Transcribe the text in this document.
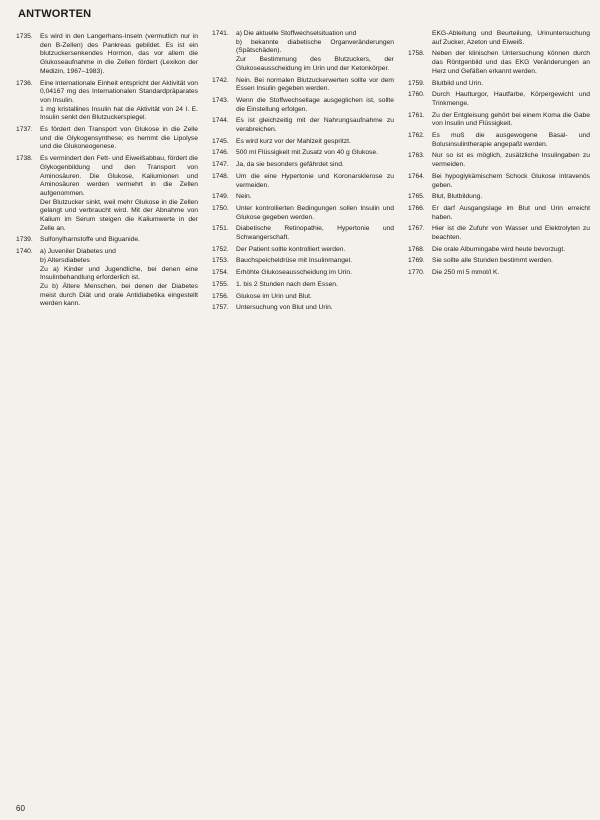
ANTWORTEN
1735.	Es wird in den Langerhans-Inseln (vermutlich nur in den B-Zellen) des Pankreas gebildet. Es ist ein blutzuckersenkendes Hormon, das vor allem die Glukoseaufnahme in die Zellen fördert (Lexikon der Medizin, 1967–1983).
1736.	Eine internationale Einheit entspricht der Aktivität von 0,04167 mg des Internationalen Standardpräparates von Insulin.
1 mg kristallines Insulin hat die Aktivität von 24 I. E. Insulin senkt den Blutzuckerspiegel.
1737.	Es fördert den Transport von Glukose in die Zelle und die Glykogensynthese; es hemmt die Lipolyse und die Glukoneogenese.
1738.	Es vermindert den Fett- und Eiweißabbau, fördert die Glykogenbildung und den Transport von Aminosäuren. Die Glukose, Kaliumionen und Aminosäuren werden vermehrt in die Zellen aufgenommen.
Der Blutzucker sinkt, weil mehr Glukose in die Zellen gelangt und verbraucht wird. Mit der Abnahme von Kalium im Serum steigen die Kaliumwerte in der Zelle an.
1739.	Sulfonylharnstoffe und Biguanide.
1740.	a) Juveniler Diabetes und
b) Altersdiabetes
Zu a) Kinder und Jugendliche, bei denen eine Insulinbehandlung erforderlich ist.
Zu b) Ältere Menschen, bei denen der Diabetes meist durch Diät und orale Antidiabetika eingestellt werden kann.
1741.	a) Die aktuelle Stoffwechselsituation und
b) bekannte diabetische Organveränderungen (Spätschäden).
Zur Bestimmung des Blutzuckers, der Glukoseausscheidung im Urin und der Ketonkörper.
1742.	Nein. Bei normalen Blutzuckerwerten sollte vor dem Essen Insulin gegeben werden.
1743.	Wenn die Stoffwechsellage ausgeglichen ist, sollte die Einstellung erfolgen.
1744.	Es ist gleichzeitig mit der Nahrungsaufnahme zu verabreichen.
1745.	Es wird kurz vor der Mahlzeit gespritzt.
1746.	500 ml Flüssigkeit mit Zusatz von 40 g Glukose.
1747.	Ja, da sie besonders gefährdet sind.
1748.	Um die eine Hypertonie und Koronarsklerose zu vermeiden.
1749.	Nein.
1750.	Unter kontrollierten Bedingungen sollen Insulin und Glukose gegeben werden.
1751.	Diabetische Retinopathie, Hypertonie und Schwangerschaft.
1752.	Der Patient sollte kontrolliert werden.
1753.	Bauchspeicheldrüse mit Insulinmangel.
1754.	Erhöhte Glukoseausscheidung im Urin.
1755.	1. bis 2 Stunden nach dem Essen.
1756.	Glukose im Urin und Blut.
1757.	Untersuchung von Blut und Urin.
EKG-Ableitung und Beurteilung, Urinuntersuchung auf Zucker, Azeton und Eiweiß.
1758.	Neben der klinischen Untersuchung können durch das Röntgenbild und das EKG Veränderungen an Herz und Gefäßen erkannt werden.
1759.	Blutbild und Urin.
1760.	Durch Hautturgor, Hautfarbe, Körpergewicht und Trinkmenge.
1761.	Zu der Entgleisung gehört bei einem Koma die Gabe von Insulin und Flüssigkeit.
1762.	Es muß die ausgewogene Basal- und Bolusinsulintherapie angepaßt werden.
1763.	Nur so ist es möglich, zusätzliche Insulingaben zu vermeiden.
1764.	Bei hypoglykämischem Schock Glukose intravenös geben.
1765.	Blut, Blutbildung.
1766.	Er darf Ausgangslage im Blut und Urin erreicht haben.
1767.	Hier ist die Zufuhr von Wasser und Elektrolyten zu beachten.
1768.	Die orale Albumingabe wird heute bevorzugt.
1769.	Sie sollte alle Stunden bestimmt werden.
1770.	Die 250 ml 5 mmol/l K.
60
